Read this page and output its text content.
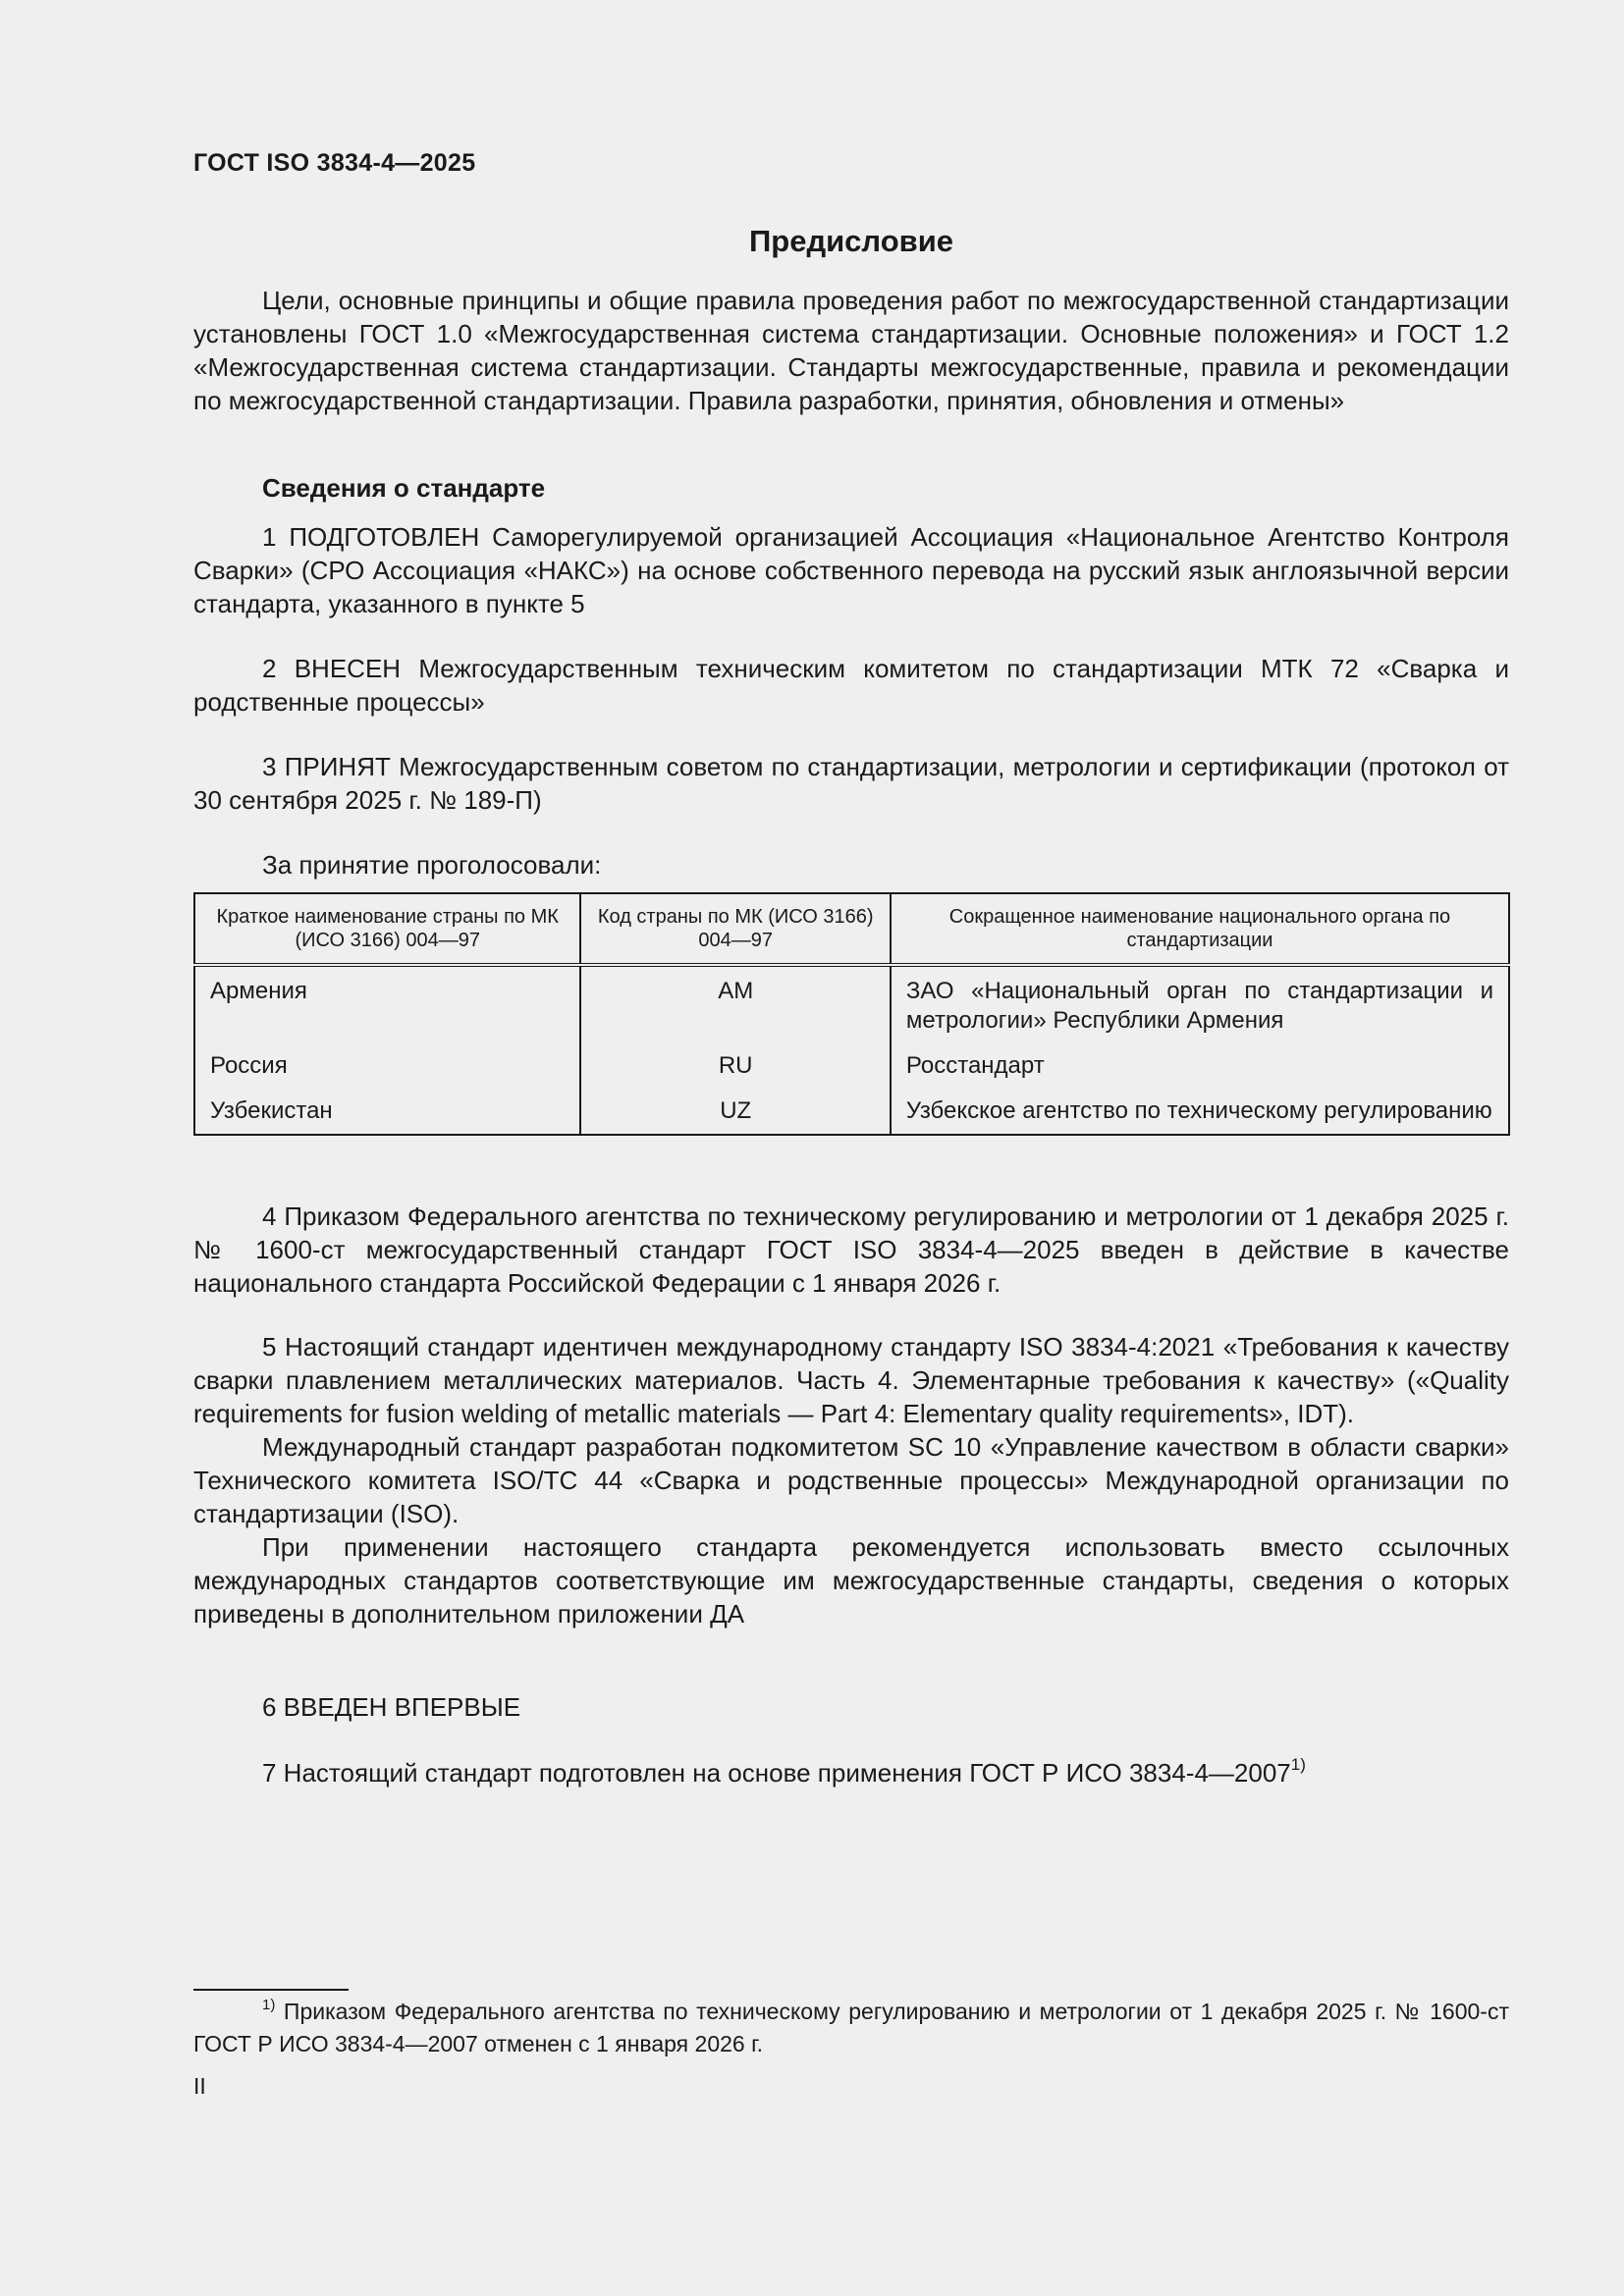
ГОСТ ISO 3834-4—2025
Предисловие

Цели, основные принципы и общие правила проведения работ по межгосударственной стандартизации установлены ГОСТ 1.0 «Межгосударственная система стандартизации. Основные положения» и ГОСТ 1.2 «Межгосударственная система стандартизации. Стандарты межгосударственные, правила и рекомендации по межгосударственной стандартизации. Правила разработки, принятия, обновления и отмены»

Сведения о стандарте

1 ПОДГОТОВЛЕН Саморегулируемой организацией Ассоциация «Национальное Агентство Контроля Сварки» (СРО Ассоциация «НАКС») на основе собственного перевода на русский язык англоязычной версии стандарта, указанного в пункте 5

2 ВНЕСЕН Межгосударственным техническим комитетом по стандартизации МТК 72 «Сварка и родственные процессы»

3 ПРИНЯТ Межгосударственным советом по стандартизации, метрологии и сертификации (протокол от 30 сентября 2025 г. № 189-П)

За принятие проголосовали:
Краткое наименование страны по МК (ИСО 3166) 004—97	Код страны по МК (ИСО 3166) 004—97	Сокращенное наименование национального органа по стандартизации
Армения	AM	ЗАО «Национальный орган по стандартизации и метрологии» Республики Армения
Россия	RU	Росстандарт
Узбекистан	UZ	Узбекское агентство по техническому регулированию

4 Приказом Федерального агентства по техническому регулированию и метрологии от 1 декабря 2025 г. № 1600-ст межгосударственный стандарт ГОСТ ISO 3834-4—2025 введен в действие в качестве национального стандарта Российской Федерации с 1 января 2026 г.

5 Настоящий стандарт идентичен международному стандарту ISO 3834-4:2021 «Требования к качеству сварки плавлением металлических материалов. Часть 4. Элементарные требования к качеству» («Quality requirements for fusion welding of metallic materials — Part 4: Elementary quality requirements», IDT).

Международный стандарт разработан подкомитетом SC 10 «Управление качеством в области сварки» Технического комитета ISO/TC 44 «Сварка и родственные процессы» Международной организации по стандартизации (ISO).

При применении настоящего стандарта рекомендуется использовать вместо ссылочных международных стандартов соответствующие им межгосударственные стандарты, сведения о которых приведены в дополнительном приложении ДА

6 ВВЕДЕН ВПЕРВЫЕ
7 Настоящий стандарт подготовлен на основе применения ГОСТ Р ИСО 3834-4—2007$^{1)}$

$^{1)}$ Приказом Федерального агентства по техническому регулированию и метрологии от 1 декабря 2025 г. № 1600-ст ГОСТ Р ИСО 3834-4—2007 отменен с 1 января 2026 г.

II
